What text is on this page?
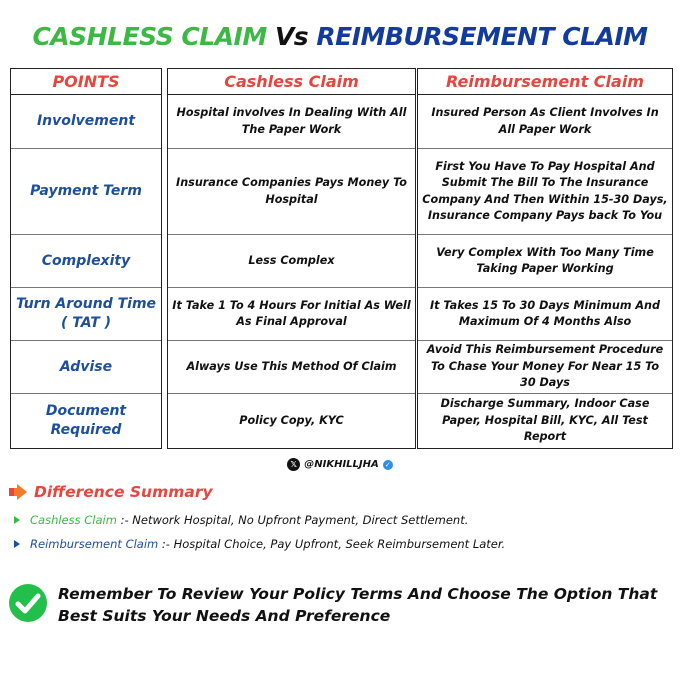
CASHLESS CLAIM Vs REIMBURSEMENT CLAIM
POINTS
Involvement
Payment Term
Complexity
Turn Around Time ( TAT )
Advise
Document Required
Cashless Claim
Hospital involves In Dealing With All The Paper Work
Insurance Companies Pays Money To Hospital
Less Complex
It Take 1 To 4 Hours For Initial As Well As Final Approval
Always Use This Method Of Claim
Policy Copy, KYC
Reimbursement Claim
Insured Person As Client Involves In All Paper Work
First You Have To Pay Hospital And Submit The Bill To The Insurance Company And Then Within 15-30 Days, Insurance Company Pays back To You
Very Complex With Too Many Time Taking Paper Working
It Takes 15 To 30 Days Minimum And Maximum Of 4 Months Also
Avoid This Reimbursement Procedure To Chase Your Money For Near 15 To 30 Days
Discharge Summary, Indoor Case Paper, Hospital Bill, KYC, All Test Report
𝕏 @NIKHILLJHA ✓
Difference Summary
Cashless Claim :- Network Hospital, No Upfront Payment, Direct Settlement.
Reimbursement Claim :- Hospital Choice, Pay Upfront, Seek Reimbursement Later.
Remember To Review Your Policy Terms And Choose The Option That Best Suits Your Needs And Preference
